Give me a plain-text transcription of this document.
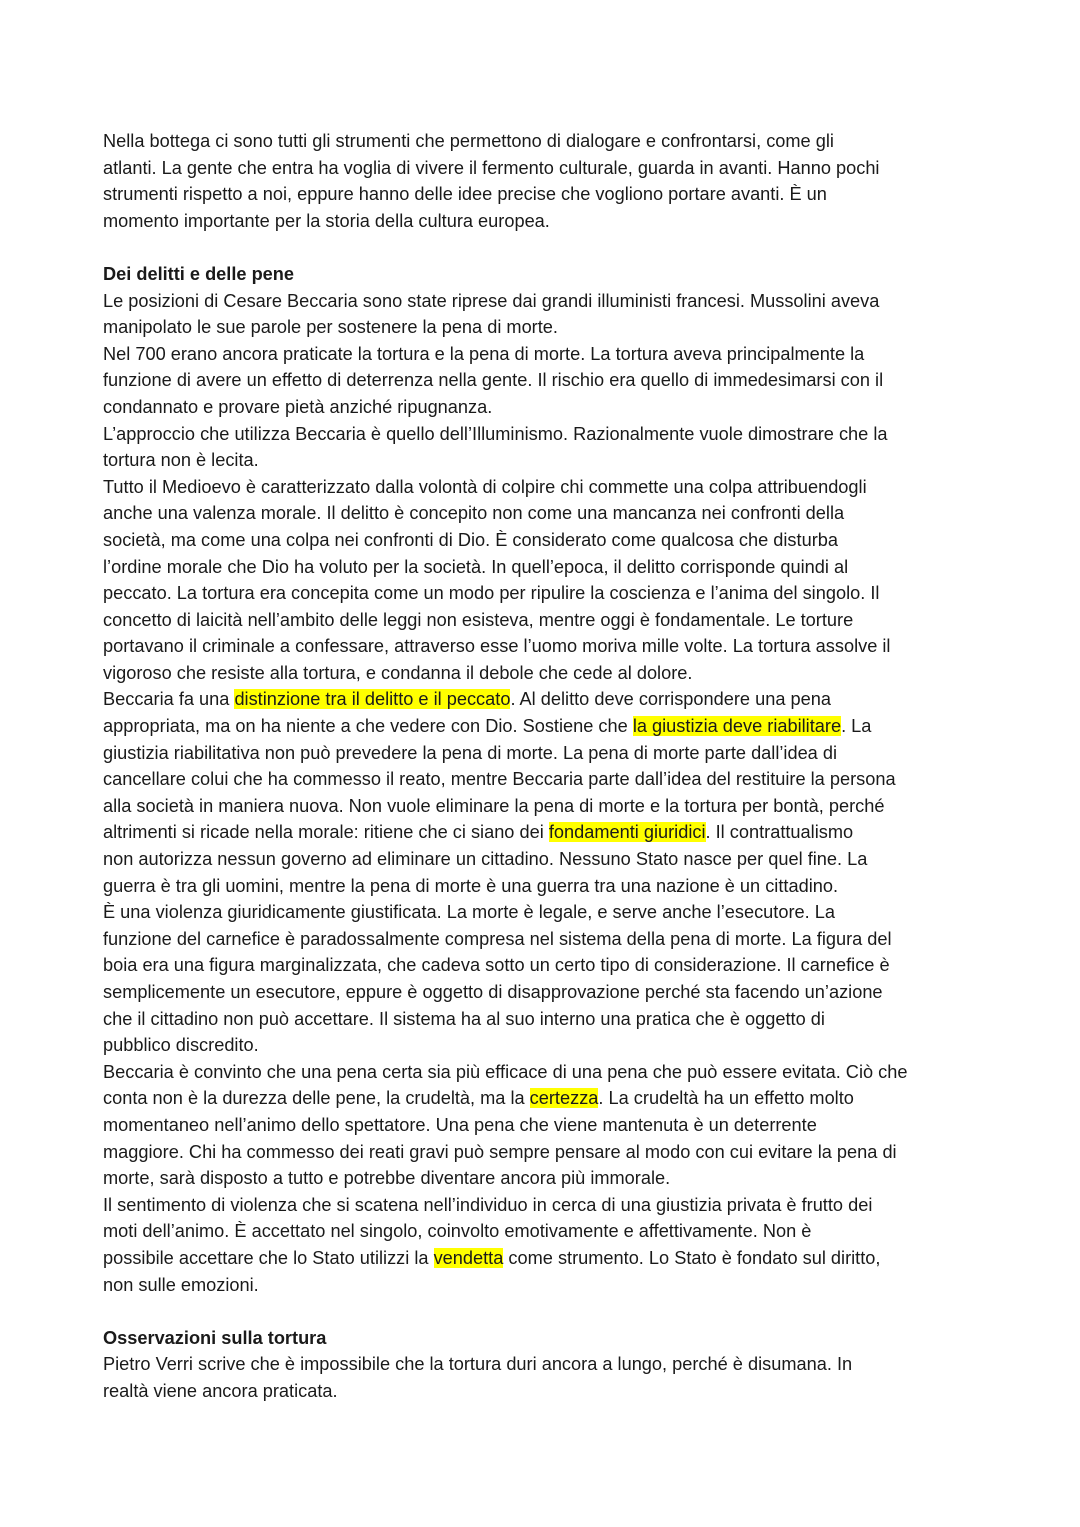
Nella bottega ci sono tutti gli strumenti che permettono di dialogare e confrontarsi, come gli
atlanti. La gente che entra ha voglia di vivere il fermento culturale, guarda in avanti. Hanno pochi
strumenti rispetto a noi, eppure hanno delle idee precise che vogliono portare avanti. È un
momento importante per la storia della cultura europea.
Dei delitti e delle pene
Le posizioni di Cesare Beccaria sono state riprese dai grandi illuministi francesi. Mussolini aveva
manipolato le sue parole per sostenere la pena di morte.
Nel 700 erano ancora praticate la tortura e la pena di morte. La tortura aveva principalmente la
funzione di avere un effetto di deterrenza nella gente. Il rischio era quello di immedesimarsi con il
condannato e provare pietà anziché ripugnanza.
L’approccio che utilizza Beccaria è quello dell’Illuminismo. Razionalmente vuole dimostrare che la
tortura non è lecita.
Tutto il Medioevo è caratterizzato dalla volontà di colpire chi commette una colpa attribuendogli
anche una valenza morale. Il delitto è concepito non come una mancanza nei confronti della
società, ma come una colpa nei confronti di Dio. È considerato come qualcosa che disturba
l’ordine morale che Dio ha voluto per la società. In quell’epoca, il delitto corrisponde quindi al
peccato. La tortura era concepita come un modo per ripulire la coscienza e l’anima del singolo. Il
concetto di laicità nell’ambito delle leggi non esisteva, mentre oggi è fondamentale. Le torture
portavano il criminale a confessare, attraverso esse l’uomo moriva mille volte. La tortura assolve il
vigoroso che resiste alla tortura, e condanna il debole che cede al dolore.
Beccaria fa una distinzione tra il delitto e il peccato. Al delitto deve corrispondere una pena
appropriata, ma on ha niente a che vedere con Dio. Sostiene che la giustizia deve riabilitare. La
giustizia riabilitativa non può prevedere la pena di morte. La pena di morte parte dall’idea di
cancellare colui che ha commesso il reato, mentre Beccaria parte dall’idea del restituire la persona
alla società in maniera nuova. Non vuole eliminare la pena di morte e la tortura per bontà, perché
altrimenti si ricade nella morale: ritiene che ci siano dei fondamenti giuridici. Il contrattualismo
non autorizza nessun governo ad eliminare un cittadino. Nessuno Stato nasce per quel fine. La
guerra è tra gli uomini, mentre la pena di morte è una guerra tra una nazione è un cittadino.
È una violenza giuridicamente giustificata. La morte è legale, e serve anche l’esecutore. La
funzione del carnefice è paradossalmente compresa nel sistema della pena di morte. La figura del
boia era una figura marginalizzata, che cadeva sotto un certo tipo di considerazione. Il carnefice è
semplicemente un esecutore, eppure è oggetto di disapprovazione perché sta facendo un’azione
che il cittadino non può accettare. Il sistema ha al suo interno una pratica che è oggetto di
pubblico discredito.
Beccaria è convinto che una pena certa sia più efficace di una pena che può essere evitata. Ciò che
conta non è la durezza delle pene, la crudeltà, ma la certezza. La crudeltà ha un effetto molto
momentaneo nell’animo dello spettatore. Una pena che viene mantenuta è un deterrente
maggiore. Chi ha commesso dei reati gravi può sempre pensare al modo con cui evitare la pena di
morte, sarà disposto a tutto e potrebbe diventare ancora più immorale.
Il sentimento di violenza che si scatena nell’individuo in cerca di una giustizia privata è frutto dei
moti dell’animo. È accettato nel singolo, coinvolto emotivamente e affettivamente. Non è
possibile accettare che lo Stato utilizzi la vendetta come strumento. Lo Stato è fondato sul diritto,
non sulle emozioni.
Osservazioni sulla tortura
Pietro Verri scrive che è impossibile che la tortura duri ancora a lungo, perché è disumana. In
realtà viene ancora praticata.
